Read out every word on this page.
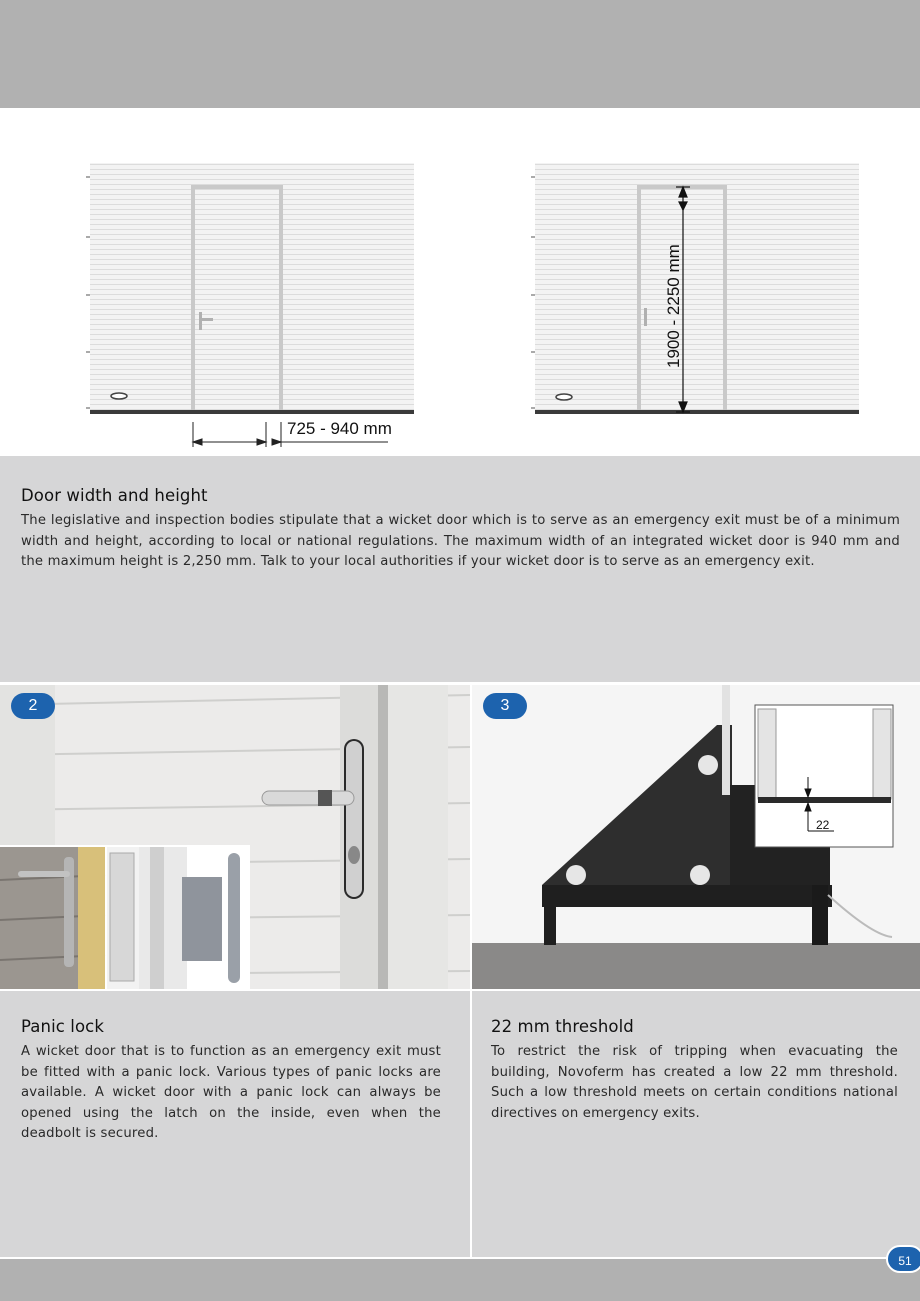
725 - 940 mm
1900 - 2250 mm
Door width and height

The legislative and inspection bodies stipulate that a wicket door which is to serve as an emergency exit must be of a minimum width and height, according to local or national regulations. The maximum width of an integrated wicket door is 940 mm and the maximum height is 2,250 mm. Talk to your local authorities if your wicket door is to serve as an emergency exit.

2	3
22
Panic lock

A wicket door that is to function as an emergency exit must be fitted with a panic lock. Various types of panic locks are available. A wicket door with a panic lock can always be opened using the latch on the inside, even when the deadbolt is secured.

22 mm threshold

To restrict the risk of tripping when evacuating the building, Novoferm has created a low 22 mm threshold. Such a low threshold meets on certain conditions national directives on emergency exits.

51
